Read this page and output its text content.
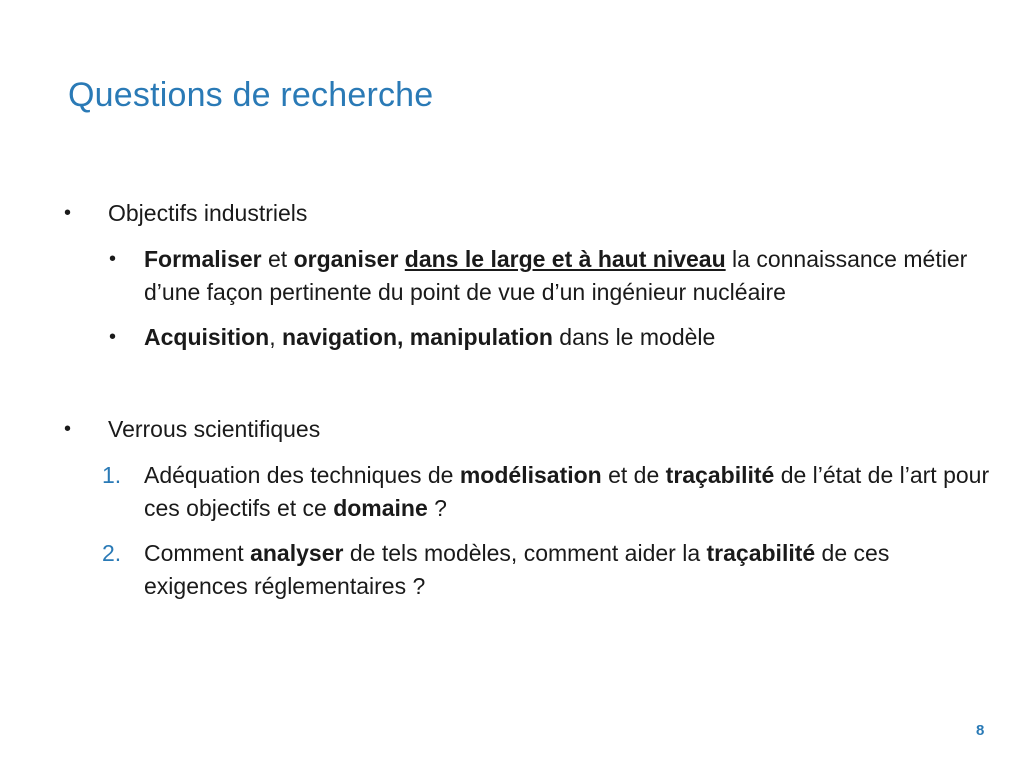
Questions de recherche
• Objectifs industriels
• Formaliser et organiser dans le large et à haut niveau la connaissance métier d’une façon pertinente du point de vue d’un ingénieur nucléaire
• Acquisition, navigation, manipulation dans le modèle
• Verrous scientifiques
1. Adéquation des techniques de modélisation et de traçabilité de l’état de l’art pour ces objectifs et ce domaine ?
2. Comment analyser de tels modèles, comment aider la traçabilité de ces exigences réglementaires ?
8
